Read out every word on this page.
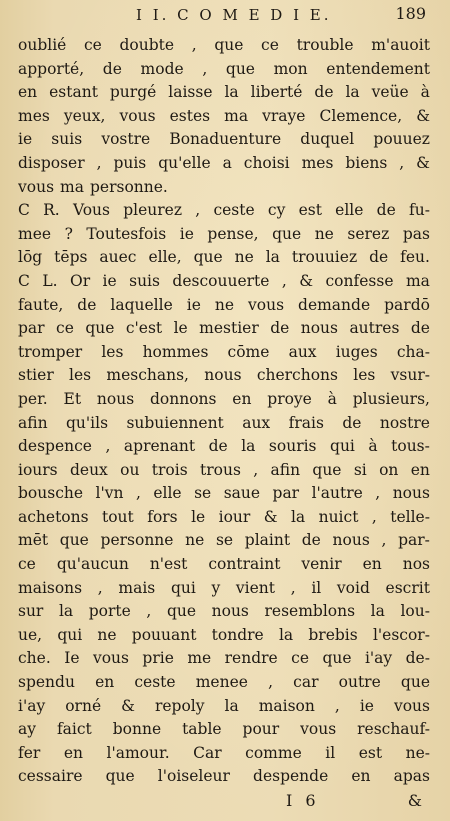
I I. C O M E D I E.	189
oublié ce doubte , que ce trouble m'auoit
apporté, de mode , que mon entendement
en estant purgé laisse la liberté de la veüe à
mes yeux, vous estes ma vraye Clemence, &
ie suis vostre Bonaduenture duquel pouuez
disposer , puis qu'elle a choisi mes biens , &
vous ma personne.
C R. Vous pleurez , ceste cy est elle de fu-
mee ? Toutesfois ie pense, que ne serez pas
lōg tēps auec elle, que ne la trouuiez de feu.
C L. Or ie suis descouuerte , & confesse ma
faute, de laquelle ie ne vous demande pardō
par ce que c'est le mestier de nous autres de
tromper les hommes cōme aux iuges cha-
stier les meschans, nous cherchons les vsur-
per. Et nous donnons en proye à plusieurs,
afin qu'ils subuiennent aux frais de nostre
despence , aprenant de la souris qui à tous-
iours deux ou trois trous , afin que si on en
bousche l'vn , elle se saue par l'autre , nous
achetons tout fors le iour & la nuict , telle-
mēt que personne ne se plaint de nous , par-
ce qu'aucun n'est contraint venir en nos
maisons , mais qui y vient , il void escrit
sur la porte , que nous resemblons la lou-
ue, qui ne pouuant tondre la brebis l'escor-
che. Ie vous prie me rendre ce que i'ay de-
spendu en ceste menee , car outre que
i'ay orné & repoly la maison , ie vous
ay faict bonne table pour vous reschauf-
fer en l'amour. Car comme il est ne-
cessaire que l'oiseleur despende en apas
I 6	&
